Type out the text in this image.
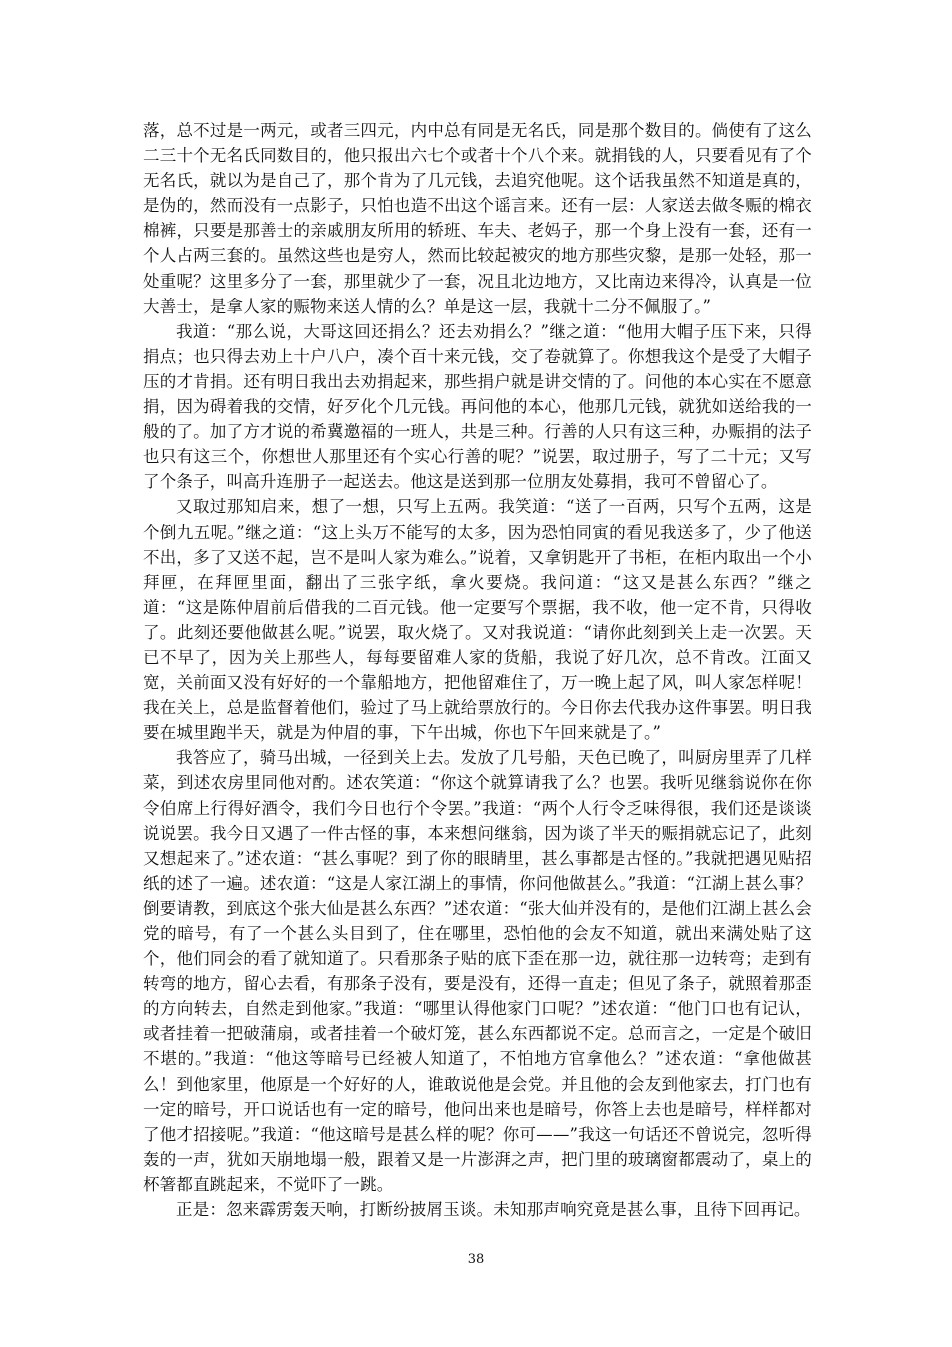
落，总不过是一两元，或者三四元，内中总有同是无名氏，同是那个数目的。倘使有了这么二三十个无名氏同数目的，他只报出六七个或者十个八个来。就捐钱的人，只要看见有了个无名氏，就以为是自己了，那个肯为了几元钱，去追究他呢。这个话我虽然不知道是真的，是伪的，然而没有一点影子，只怕也造不出这个谣言来。还有一层：人家送去做冬赈的棉衣棉裤，只要是那善士的亲戚朋友所用的轿班、车夫、老妈子，那一个身上没有一套，还有一个人占两三套的。虽然这些也是穷人，然而比较起被灾的地方那些灾黎，是那一处轻，那一处重呢？这里多分了一套，那里就少了一套，况且北边地方，又比南边来得冷，认真是一位大善士，是拿人家的赈物来送人情的么？单是这一层，我就十二分不佩服了。”

我道：“那么说，大哥这回还捐么？还去劝捐么？”继之道：“他用大帽子压下来，只得捐点；也只得去劝上十户八户，凑个百十来元钱，交了卷就算了。你想我这个是受了大帽子压的才肯捐。还有明日我出去劝捐起来，那些捐户就是讲交情的了。问他的本心实在不愿意捐，因为碍着我的交情，好歹化个几元钱。再问他的本心，他那几元钱，就犹如送给我的一般的了。加了方才说的希冀邀福的一班人，共是三种。行善的人只有这三种，办赈捐的法子也只有这三个，你想世人那里还有个实心行善的呢？”说罢，取过册子，写了二十元；又写了个条子，叫高升连册子一起送去。他这是送到那一位朋友处募捐，我可不曾留心了。

又取过那知启来，想了一想，只写上五两。我笑道：“送了一百两，只写个五两，这是个倒九五呢。”继之道：“这上头万不能写的太多，因为恐怕同寅的看见我送多了，少了他送不出，多了又送不起，岂不是叫人家为难么。”说着，又拿钥匙开了书柜，在柜内取出一个小拜匣，在拜匣里面，翻出了三张字纸，拿火要烧。我问道：“这又是甚么东西？”继之道：“这是陈仲眉前后借我的二百元钱。他一定要写个票据，我不收，他一定不肯，只得收了。此刻还要他做甚么呢。”说罢，取火烧了。又对我说道：“请你此刻到关上走一次罢。天已不早了，因为关上那些人，每每要留难人家的货船，我说了好几次，总不肯改。江面又宽，关前面又没有好好的一个靠船地方，把他留难住了，万一晚上起了风，叫人家怎样呢！我在关上，总是监督着他们，验过了马上就给票放行的。今日你去代我办这件事罢。明日我要在城里跑半天，就是为仲眉的事，下午出城，你也下午回来就是了。”

我答应了，骑马出城，一径到关上去。发放了几号船，天色已晚了，叫厨房里弄了几样菜，到述农房里同他对酌。述农笑道：“你这个就算请我了么？也罢。我听见继翁说你在你令伯席上行得好酒令，我们今日也行个令罢。”我道：“两个人行令乏味得很，我们还是谈谈说说罢。我今日又遇了一件古怪的事，本来想问继翁，因为谈了半天的赈捐就忘记了，此刻又想起来了。”述农道：“甚么事呢？到了你的眼睛里，甚么事都是古怪的。”我就把遇见贴招纸的述了一遍。述农道：“这是人家江湖上的事情，你问他做甚么。”我道：“江湖上甚么事？倒要请教，到底这个张大仙是甚么东西？”述农道：“张大仙并没有的，是他们江湖上甚么会党的暗号，有了一个甚么头目到了，住在哪里，恐怕他的会友不知道，就出来满处贴了这个，他们同会的看了就知道了。只看那条子贴的底下歪在那一边，就往那一边转弯；走到有转弯的地方，留心去看，有那条子没有，要是没有，还得一直走；但见了条子，就照着那歪的方向转去，自然走到他家。”我道：“哪里认得他家门口呢？”述农道：“他门口也有记认，或者挂着一把破蒲扇，或者挂着一个破灯笼，甚么东西都说不定。总而言之，一定是个破旧不堪的。”我道：“他这等暗号已经被人知道了，不怕地方官拿他么？”述农道：“拿他做甚么！到他家里，他原是一个好好的人，谁敢说他是会党。并且他的会友到他家去，打门也有一定的暗号，开口说话也有一定的暗号，他问出来也是暗号，你答上去也是暗号，样样都对了他才招接呢。”我道：“他这暗号是甚么样的呢？你可——”我这一句话还不曾说完，忽听得轰的一声，犹如天崩地塌一般，跟着又是一片澎湃之声，把门里的玻璃窗都震动了，桌上的杯箸都直跳起来，不觉吓了一跳。

正是：忽来霹雳轰天响，打断纷披屑玉谈。未知那声响究竟是甚么事，且待下回再记。

38
